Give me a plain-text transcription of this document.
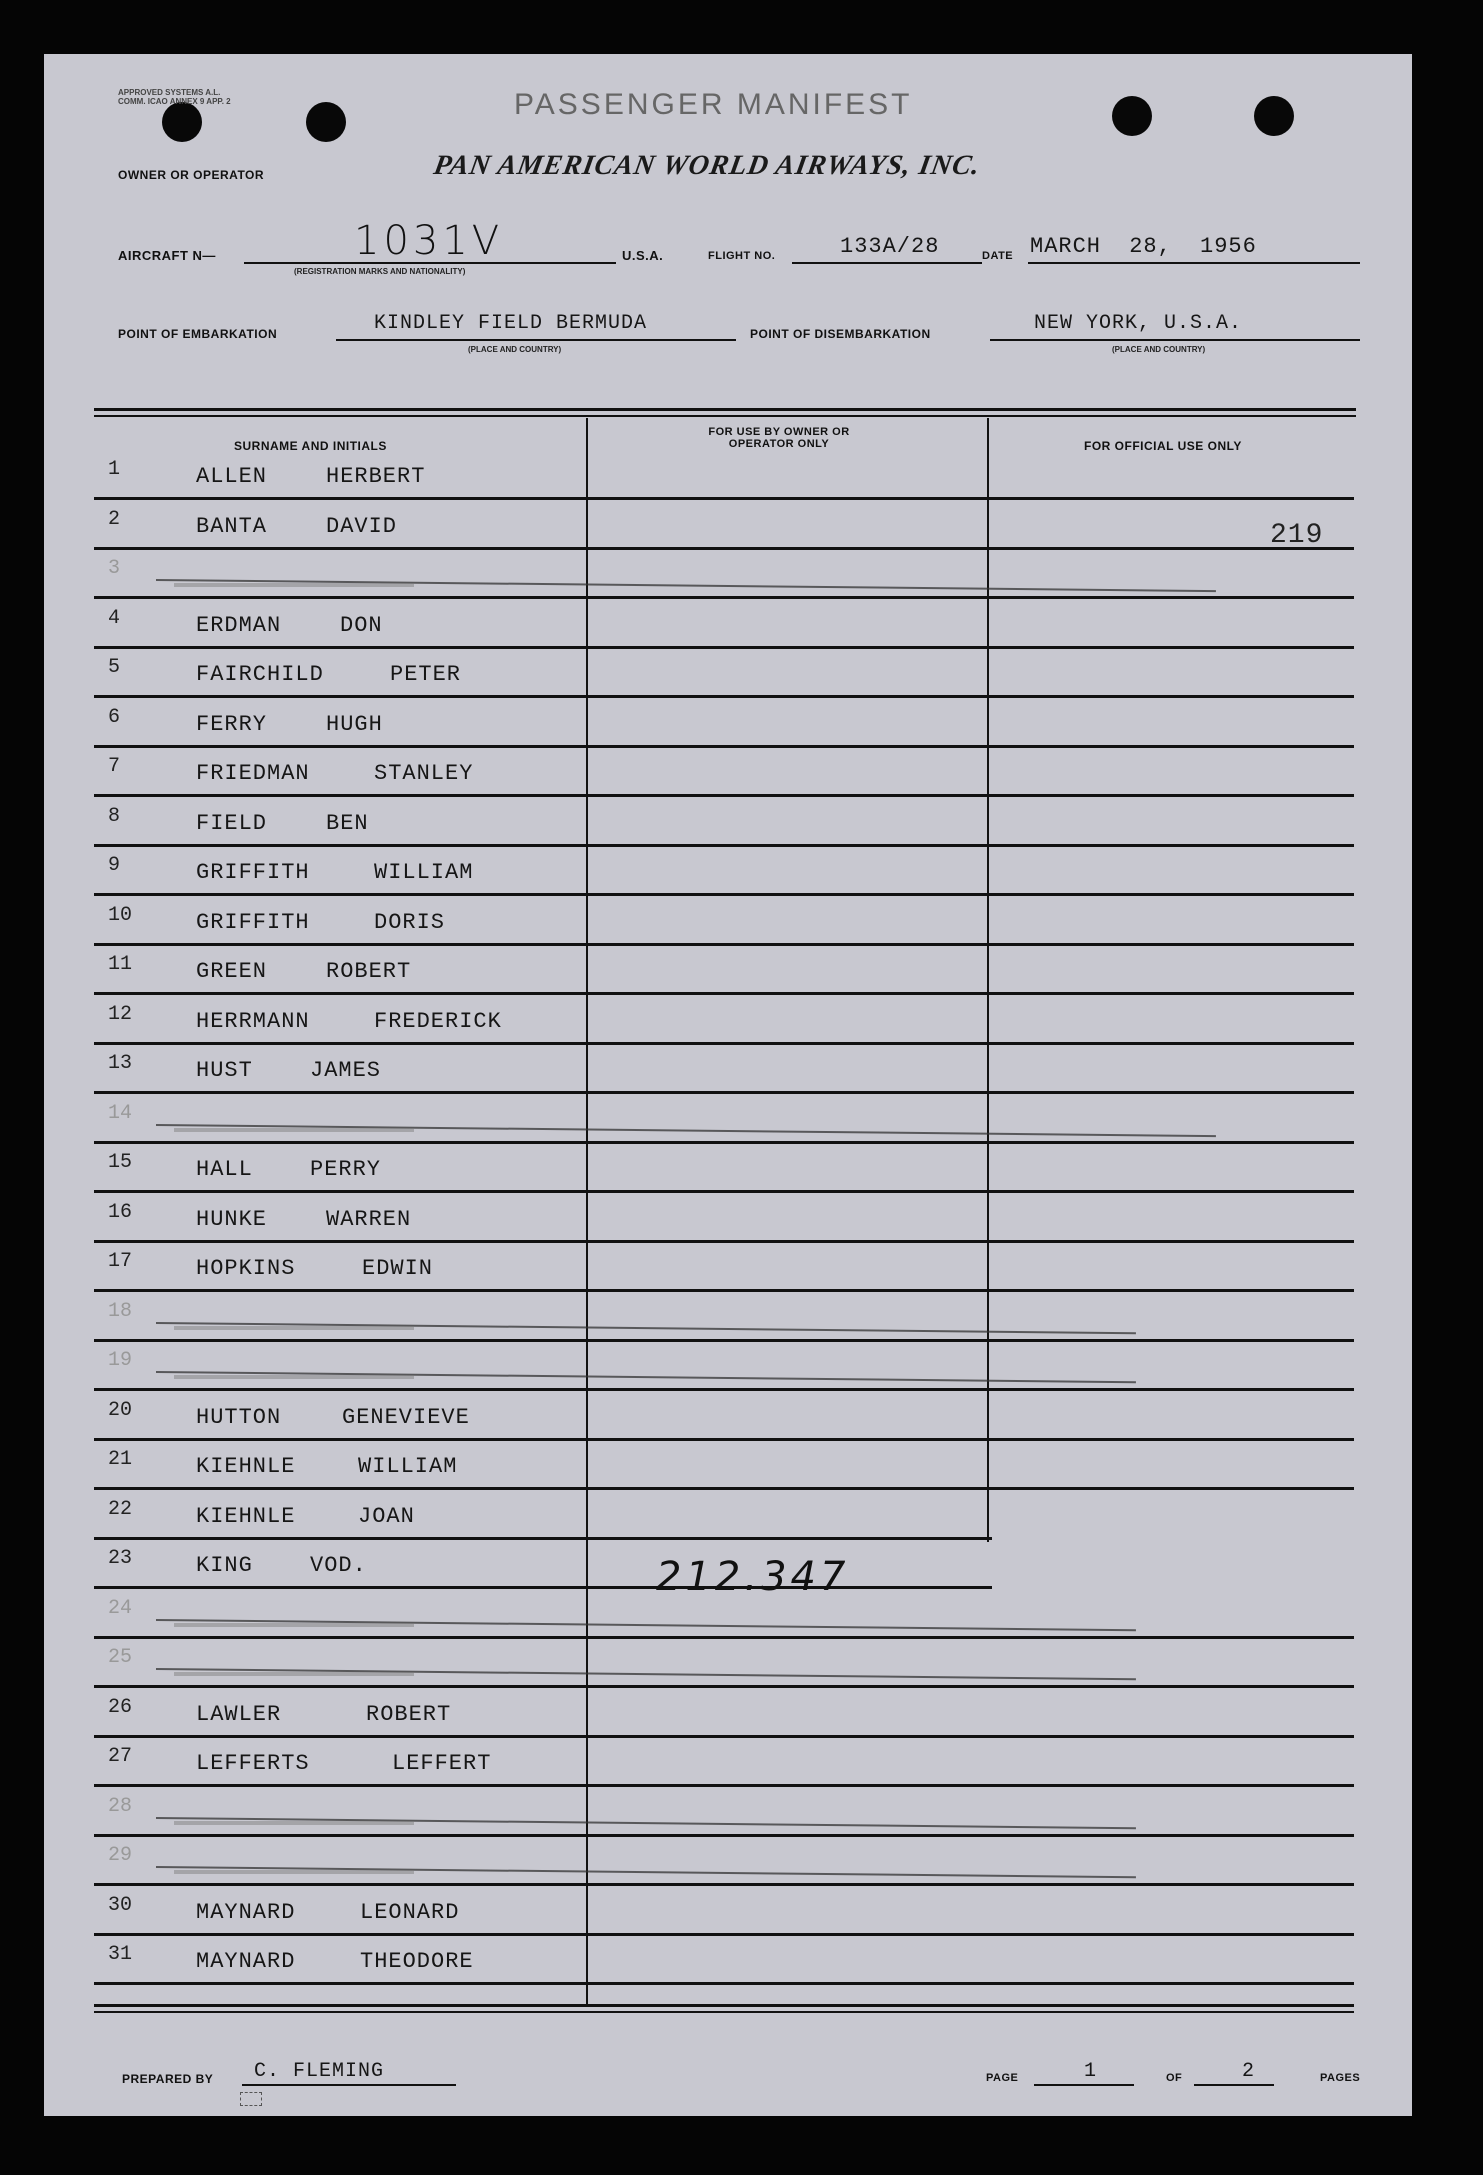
APPROVED SYSTEMS A.L. COMM. ICAO ANNEX 9 APP. 2	PASSENGER MANIFEST
PAN AMERICAN WORLD AIRWAYS, INC.
OWNER OR OPERATOR
AIRCRAFT N—	1031V
(REGISTRATION MARKS AND NATIONALITY)
U.S.A.	FLIGHT NO.	133A/28	DATE MARCH 28, 1956
POINT OF EMBARKATION	KINDLEY FIELD BERMUDA
(PLACE AND COUNTRY)
POINT OF DISEMBARKATION	NEW YORK, U.S.A.
(PLACE AND COUNTRY)
SURNAME AND INITIALS
FOR USE BY OWNER OR OPERATOR ONLY	FOR OFFICIAL USE ONLY
1	ALLEN	HERBERT
2	BANTA	DAVID
3
4	ERDMAN	DON
5	FAIRCHILD	PETER
6	FERRY	HUGH
7	FRIEDMAN	STANLEY
8	FIELD	BEN
9	GRIFFITH	WILLIAM
10	GRIFFITH	DORIS
11	GREEN	ROBERT
12	HERRMANN	FREDERICK
13	HUST	JAMES
14
15	HALL	PERRY
16	HUNKE	WARREN
17	HOPKINS	EDWIN
18
19
20	HUTTON	GENEVIEVE
21	KIEHNLE	WILLIAM
22	KIEHNLE	JOAN
23	KING	VOD.
24
25
26	LAWLER	ROBERT
27	LEFFERTS	LEFFERT
28
29
30	MAYNARD	LEONARD
31	MAYNARD	THEODORE
219
212.347
PREPARED BY C. FLEMING	PAGE	1	OF	2	PAGES
